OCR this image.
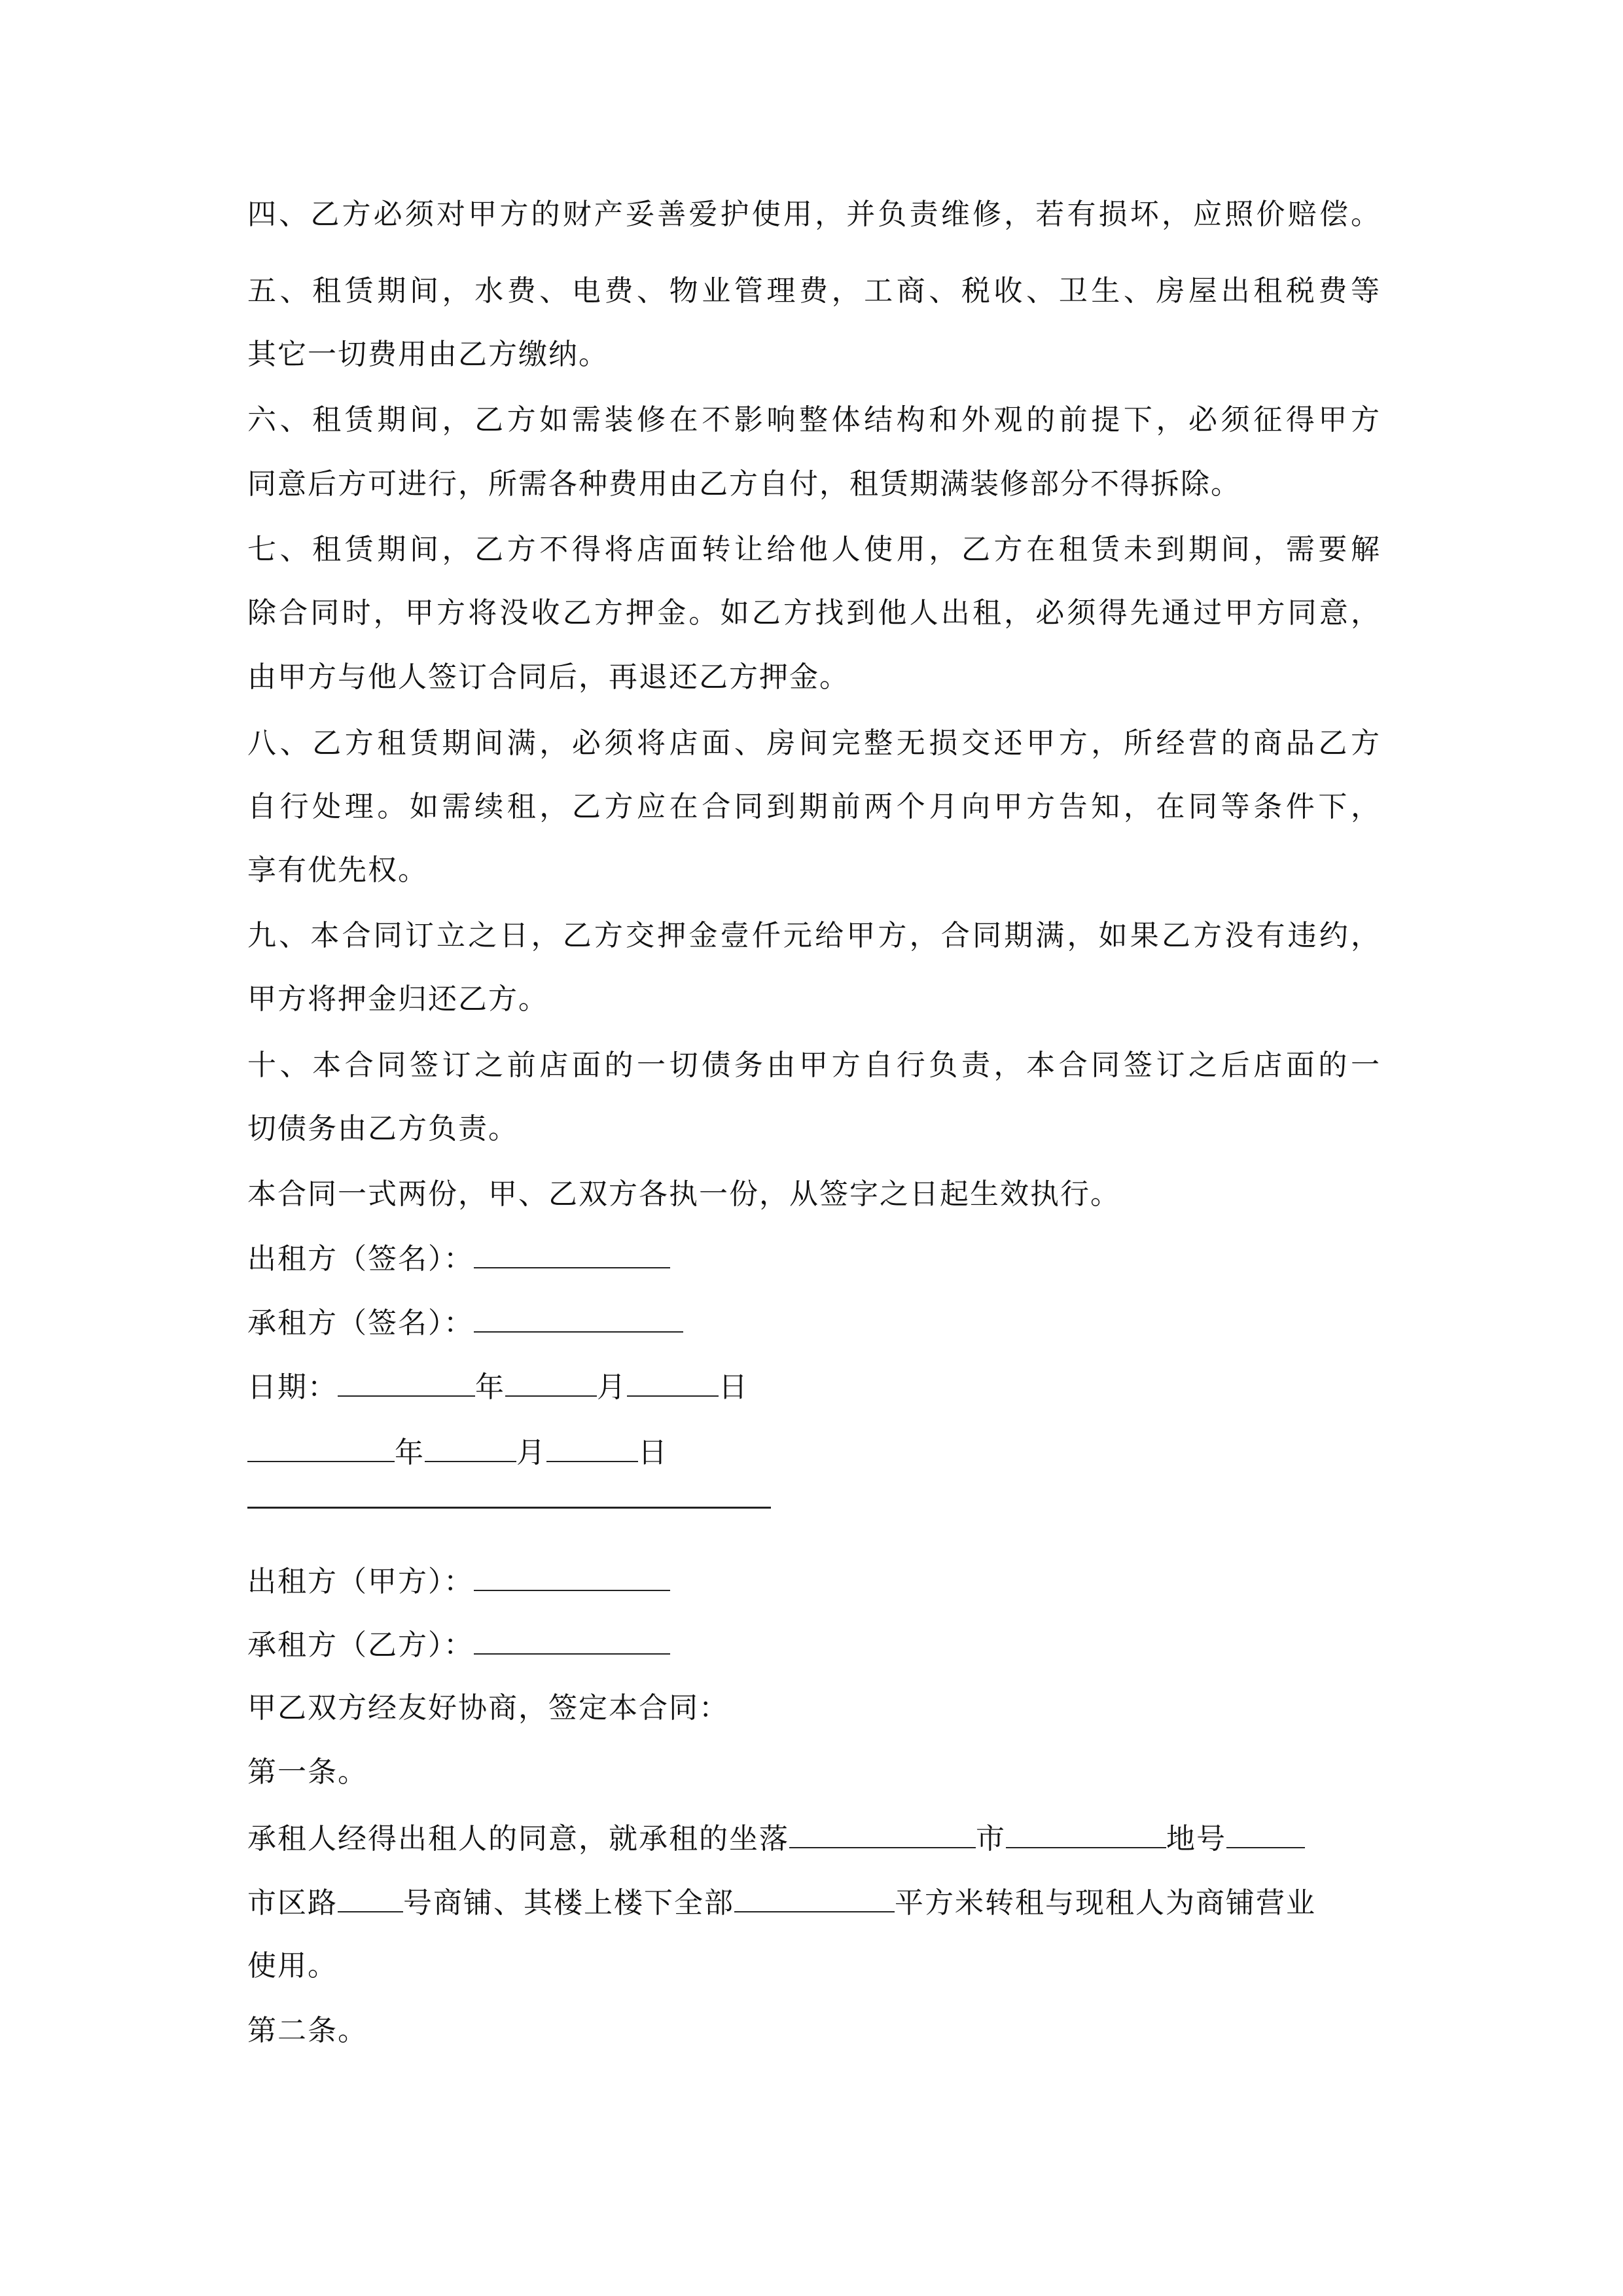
四、乙方必须对甲方的财产妥善爱护使用，并负责维修，若有损坏，应照价赔偿。
五、租赁期间，水费、电费、物业管理费，工商、税收、卫生、房屋出租税费等
其它一切费用由乙方缴纳。
六、租赁期间，乙方如需装修在不影响整体结构和外观的前提下，必须征得甲方
同意后方可进行，所需各种费用由乙方自付，租赁期满装修部分不得拆除。
七、租赁期间，乙方不得将店面转让给他人使用，乙方在租赁未到期间，需要解
除合同时，甲方将没收乙方押金。如乙方找到他人出租，必须得先通过甲方同意，
由甲方与他人签订合同后，再退还乙方押金。
八、乙方租赁期间满，必须将店面、房间完整无损交还甲方，所经营的商品乙方
自行处理。如需续租，乙方应在合同到期前两个月向甲方告知，在同等条件下，
享有优先权。
九、本合同订立之日，乙方交押金壹仟元给甲方，合同期满，如果乙方没有违约，
甲方将押金归还乙方。
十、本合同签订之前店面的一切债务由甲方自行负责，本合同签订之后店面的一
切债务由乙方负责。
本合同一式两份，甲、乙双方各执一份，从签字之日起生效执行。
出租方（签名）：
承租方（签名）：
日期：	年	月	日
年	月	日
出租方（甲方）：
承租方（乙方）：
甲乙双方经友好协商，签定本合同：
第一条。
承租人经得出租人的同意，就承租的坐落	市	地号
市区路 号商铺、其楼上楼下全部	平方米转租与现租人为商铺营业
使用。
第二条。
